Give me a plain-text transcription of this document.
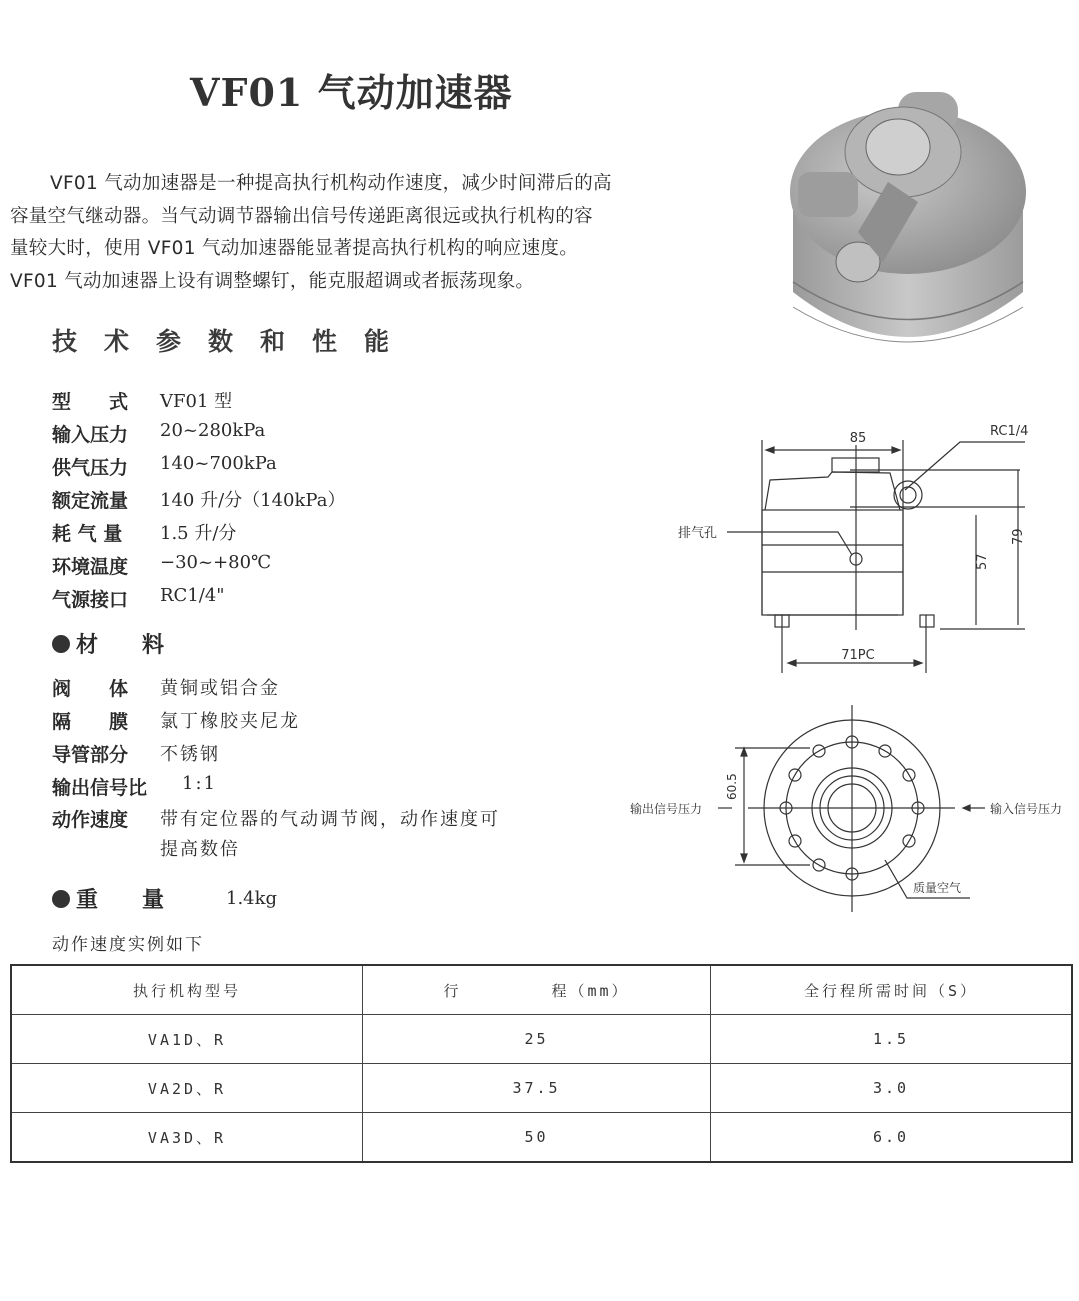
VF01 气动加速器

VF01 气动加速器是一种提高执行机构动作速度，减少时间滞后的高

容量空气继动器。当气动调节器输出信号传递距离很远或执行机构的容

量较大时，使用 VF01 气动加速器能显著提高执行机构的响应速度。

VF01 气动加速器上设有调整螺钉，能克服超调或者振荡现象。

技术参数和性能
型　　式	VF01 型
输入压力	20~280kPa
供气压力	140~700kPa
额定流量	140 升/分（140kPa）
耗 气 量	1.5 升/分
环境温度	−30~+80℃
气源接口	RC1/4"
材　　料
阀　　体	黄铜或铝合金
隔　　膜	氯丁橡胶夹尼龙
导管部分	不锈钢
输出信号比	1:1
动作速度	带有定位器的气动调节阀，动作速度可
提高数倍
重　　量	1.4kg
动作速度实例如下
执行机构型号	行　　　　　程（mm）	全行程所需时间（S）
VA1D、R	25	1.5
VA2D、R	37.5	3.0
VA3D、R	50	6.0
85	RC1/4
排气孔
71PC
57
79
60.5
输出信号压力	输入信号压力
质量空气
